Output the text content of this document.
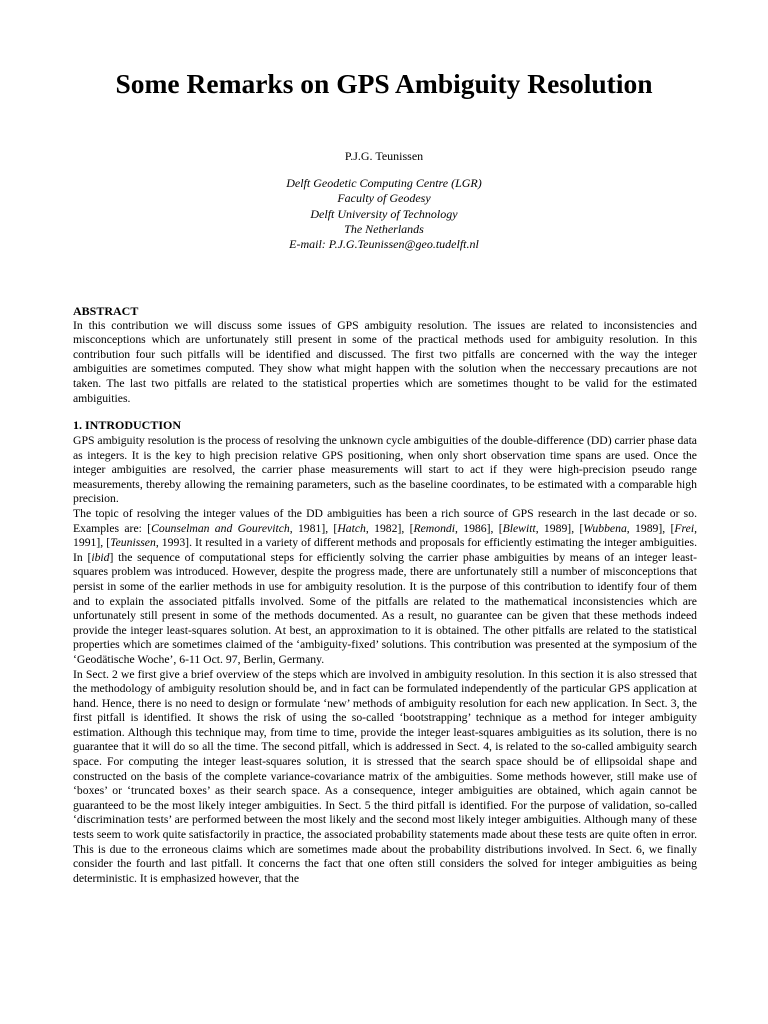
Some Remarks on GPS Ambiguity Resolution
P.J.G. Teunissen
Delft Geodetic Computing Centre (LGR)
Faculty of Geodesy
Delft University of Technology
The Netherlands
E-mail: P.J.G.Teunissen@geo.tudelft.nl

ABSTRACT

In this contribution we will discuss some issues of GPS ambiguity resolution. The issues are related to inconsistencies and misconceptions which are unfortunately still present in some of the practical methods used for ambiguity resolution. In this contribution four such pitfalls will be identified and discussed. The first two pitfalls are concerned with the way the integer ambiguities are sometimes computed. They show what might happen with the solution when the neccessary precautions are not taken. The last two pitfalls are related to the statistical properties which are sometimes thought to be valid for the estimated ambiguities.

1. INTRODUCTION

GPS ambiguity resolution is the process of resolving the unknown cycle ambiguities of the double-difference (DD) carrier phase data as integers. It is the key to high precision relative GPS positioning, when only short observation time spans are used. Once the integer ambiguities are resolved, the carrier phase measurements will start to act if they were high-precision pseudo range measurements, thereby allowing the remaining parameters, such as the baseline coordinates, to be estimated with a comparable high precision.

The topic of resolving the integer values of the DD ambiguities has been a rich source of GPS research in the last decade or so. Examples are: [Counselman and Gourevitch, 1981], [Hatch, 1982], [Remondi, 1986], [Blewitt, 1989], [Wubbena, 1989], [Frei, 1991], [Teunissen, 1993]. It resulted in a variety of different methods and proposals for efficiently estimating the integer ambiguities. In [ibid] the sequence of computational steps for efficiently solving the carrier phase ambiguities by means of an integer least-squares problem was introduced. However, despite the progress made, there are unfortunately still a number of misconceptions that persist in some of the earlier methods in use for ambiguity resolution. It is the purpose of this contribution to identify four of them and to explain the associated pitfalls involved. Some of the pitfalls are related to the mathematical inconsistencies which are unfortunately still present in some of the methods documented. As a result, no guarantee can be given that these methods indeed provide the integer least-squares solution. At best, an approximation to it is obtained. The other pitfalls are related to the statistical properties which are sometimes claimed of the ‘ambiguity-fixed’ solutions. This contribution was presented at the symposium of the ‘Geodätische Woche’, 6-11 Oct. 97, Berlin, Germany.

In Sect. 2 we first give a brief overview of the steps which are involved in ambiguity resolution. In this section it is also stressed that the methodology of ambiguity resolution should be, and in fact can be formulated independently of the particular GPS application at hand. Hence, there is no need to design or formulate ‘new’ methods of ambiguity resolution for each new application. In Sect. 3, the first pitfall is identified. It shows the risk of using the so-called ‘bootstrapping’ technique as a method for integer ambiguity estimation. Although this technique may, from time to time, provide the integer least-squares ambiguities as its solution, there is no guarantee that it will do so all the time. The second pitfall, which is addressed in Sect. 4, is related to the so-called ambiguity search space. For computing the integer least-squares solution, it is stressed that the search space should be of ellipsoidal shape and constructed on the basis of the complete variance-covariance matrix of the ambiguities. Some methods however, still make use of ‘boxes’ or ‘truncated boxes’ as their search space. As a consequence, integer ambiguities are obtained, which again cannot be guaranteed to be the most likely integer ambiguities. In Sect. 5 the third pitfall is identified. For the purpose of validation, so-called ‘discrimination tests’ are performed between the most likely and the second most likely integer ambiguities. Although many of these tests seem to work quite satisfactorily in practice, the associated probability statements made about these tests are quite often in error. This is due to the erroneous claims which are sometimes made about the probability distributions involved. In Sect. 6, we finally consider the fourth and last pitfall. It concerns the fact that one often still considers the solved for integer ambiguities as being deterministic. It is emphasized however, that the
